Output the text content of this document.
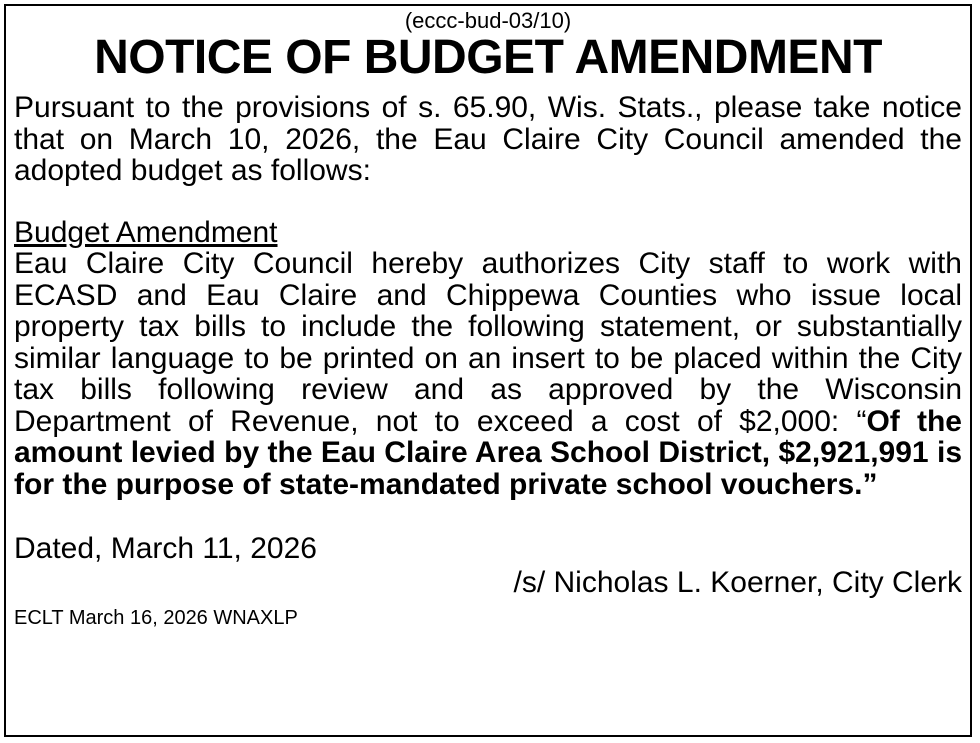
(eccc-bud-03/10)
NOTICE OF BUDGET AMENDMENT

Pursuant to the provisions of s. 65.90, Wis. Stats., please take notice that on March 10, 2026, the Eau Claire City Council amended the adopted budget as follows:

Budget Amendment

Eau Claire City Council hereby authorizes City staff to work with ECASD and Eau Claire and Chippewa Counties who issue local property tax bills to include the following statement, or substantially similar language to be printed on an insert to be placed within the City tax bills following review and as approved by the Wisconsin Department of Revenue, not to exceed a cost of $2,000: “Of the amount levied by the Eau Claire Area School District, $2,921,991 is for the purpose of state-mandated private school vouchers.”

Dated, March 11, 2026
/s/ Nicholas L. Koerner, City Clerk
ECLT March 16, 2026 WNAXLP
